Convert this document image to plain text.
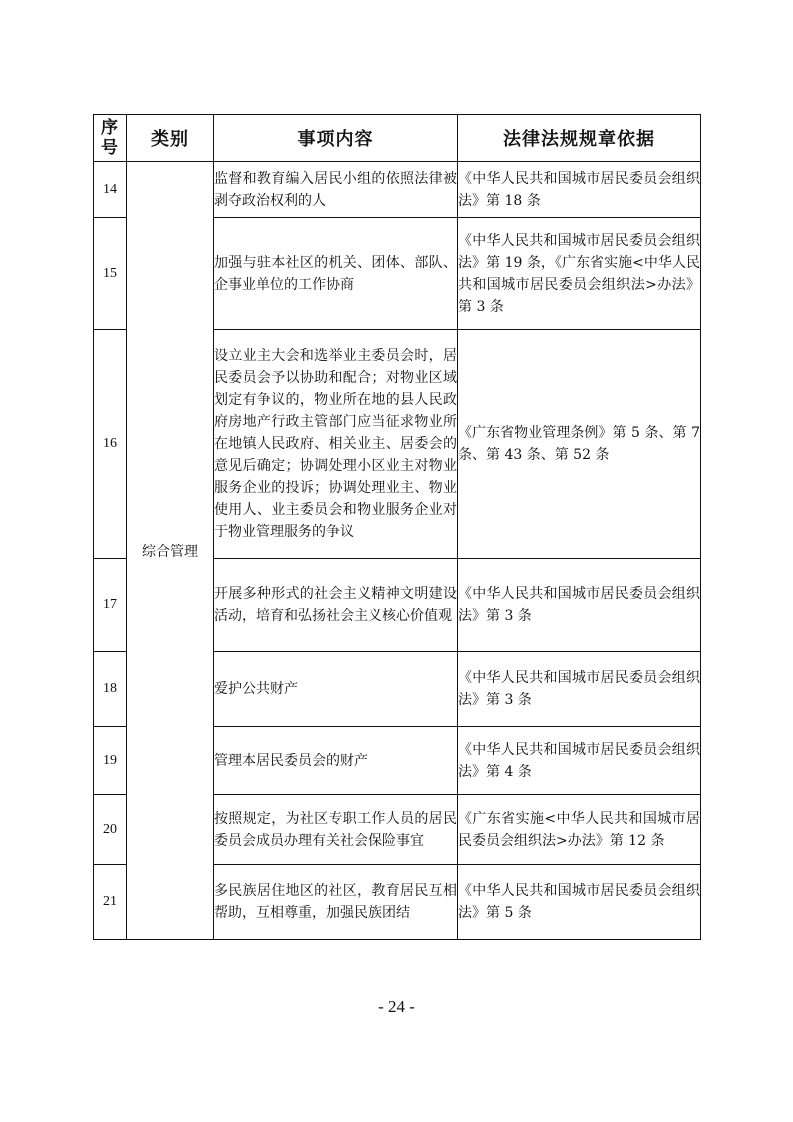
序号	类别	事项内容	法律法规规章依据
14	综合管理	监督和教育编入居民小组的依照法律被剥夺政治权利的人	《中华人民共和国城市居民委员会组织法》第 18 条
15		加强与驻本社区的机关、团体、部队、企事业单位的工作协商	《中华人民共和国城市居民委员会组织法》第 19 条，《广东省实施<中华人民共和国城市居民委员会组织法>办法》第 3 条
16		设立业主大会和选举业主委员会时，居民委员会予以协助和配合；对物业区域划定有争议的，物业所在地的县人民政府房地产行政主管部门应当征求物业所在地镇人民政府、相关业主、居委会的意见后确定；协调处理小区业主对物业服务企业的投诉；协调处理业主、物业使用人、业主委员会和物业服务企业对于物业管理服务的争议	《广东省物业管理条例》第 5 条、第 7 条、第 43 条、第 52 条
17		开展多种形式的社会主义精神文明建设活动，培育和弘扬社会主义核心价值观	《中华人民共和国城市居民委员会组织法》第 3 条
18		爱护公共财产	《中华人民共和国城市居民委员会组织法》第 3 条
19		管理本居民委员会的财产	《中华人民共和国城市居民委员会组织法》第 4 条
20		按照规定，为社区专职工作人员的居民委员会成员办理有关社会保险事宜	《广东省实施<中华人民共和国城市居民委员会组织法>办法》第 12 条
21		多民族居住地区的社区，教育居民互相帮助，互相尊重，加强民族团结	《中华人民共和国城市居民委员会组织法》第 5 条
- 24 -
